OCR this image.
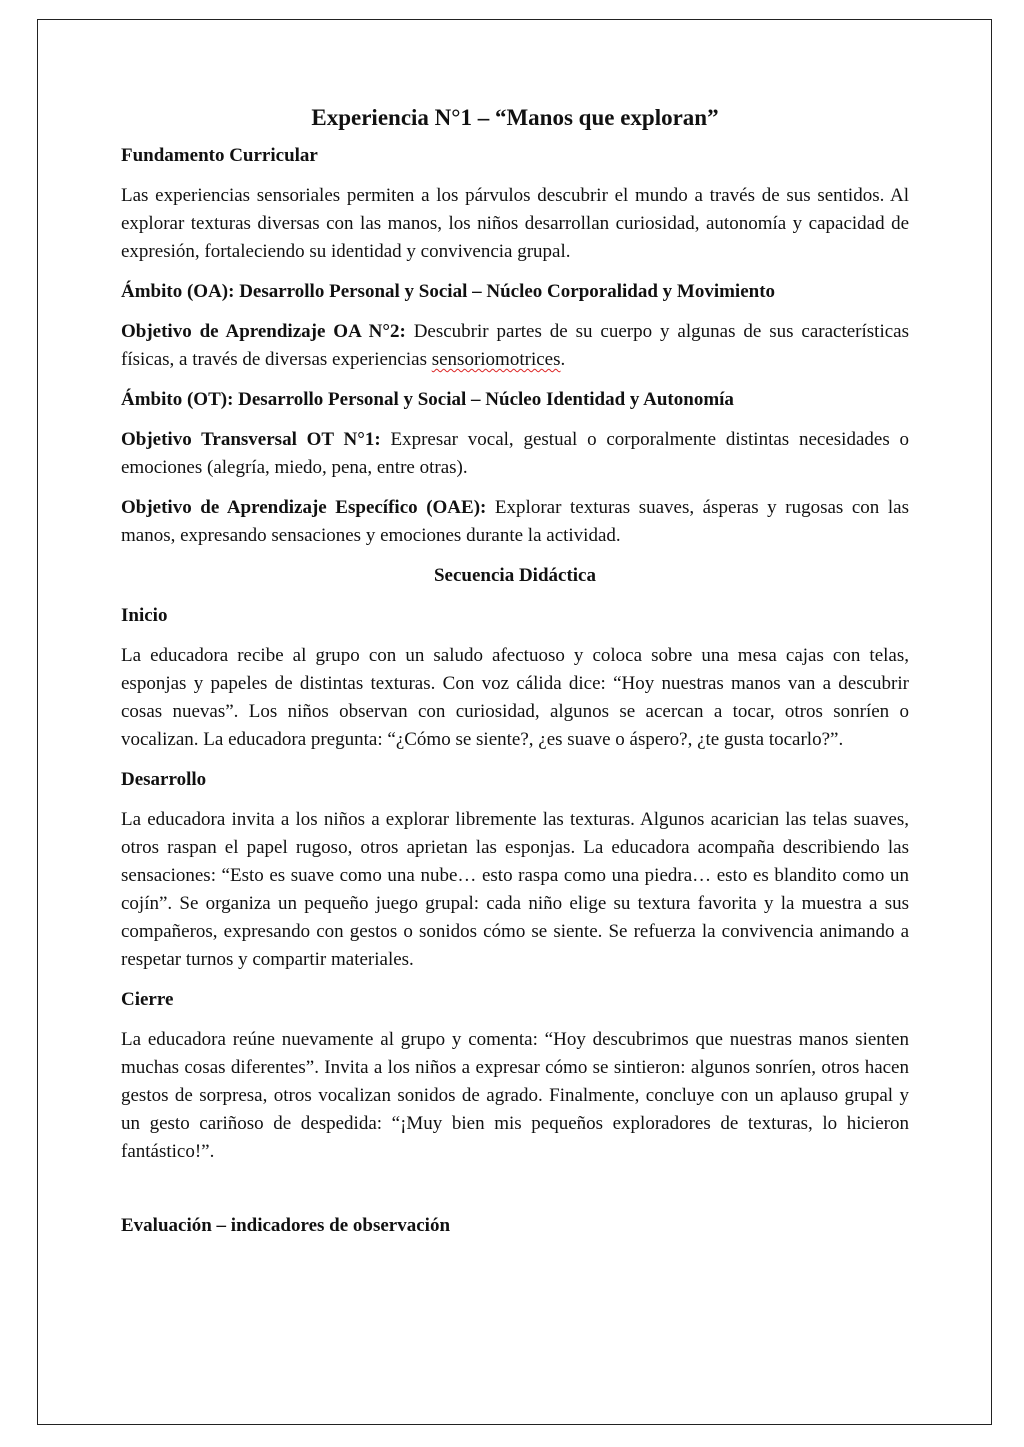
Experiencia N°1 – “Manos que exploran”
Fundamento Curricular

Las experiencias sensoriales permiten a los párvulos descubrir el mundo a través de sus sentidos. Al explorar texturas diversas con las manos, los niños desarrollan curiosidad, autonomía y capacidad de expresión, fortaleciendo su identidad y convivencia grupal.

Ámbito (OA): Desarrollo Personal y Social – Núcleo Corporalidad y Movimiento

Objetivo de Aprendizaje OA N°2: Descubrir partes de su cuerpo y algunas de sus características físicas, a través de diversas experiencias sensoriomotrices.

Ámbito (OT): Desarrollo Personal y Social – Núcleo Identidad y Autonomía

Objetivo Transversal OT N°1: Expresar vocal, gestual o corporalmente distintas necesidades o emociones (alegría, miedo, pena, entre otras).

Objetivo de Aprendizaje Específico (OAE): Explorar texturas suaves, ásperas y rugosas con las manos, expresando sensaciones y emociones durante la actividad.

Secuencia Didáctica
Inicio

La educadora recibe al grupo con un saludo afectuoso y coloca sobre una mesa cajas con telas, esponjas y papeles de distintas texturas. Con voz cálida dice: “Hoy nuestras manos van a descubrir cosas nuevas”. Los niños observan con curiosidad, algunos se acercan a tocar, otros sonríen o vocalizan. La educadora pregunta: “¿Cómo se siente?, ¿es suave o áspero?, ¿te gusta tocarlo?”.

Desarrollo

La educadora invita a los niños a explorar libremente las texturas. Algunos acarician las telas suaves, otros raspan el papel rugoso, otros aprietan las esponjas. La educadora acompaña describiendo las sensaciones: “Esto es suave como una nube… esto raspa como una piedra… esto es blandito como un cojín”. Se organiza un pequeño juego grupal: cada niño elige su textura favorita y la muestra a sus compañeros, expresando con gestos o sonidos cómo se siente. Se refuerza la convivencia animando a respetar turnos y compartir materiales.

Cierre

La educadora reúne nuevamente al grupo y comenta: “Hoy descubrimos que nuestras manos sienten muchas cosas diferentes”. Invita a los niños a expresar cómo se sintieron: algunos sonríen, otros hacen gestos de sorpresa, otros vocalizan sonidos de agrado. Finalmente, concluye con un aplauso grupal y un gesto cariñoso de despedida: “¡Muy bien mis pequeños exploradores de texturas, lo hicieron fantástico!”.

Evaluación – indicadores de observación
